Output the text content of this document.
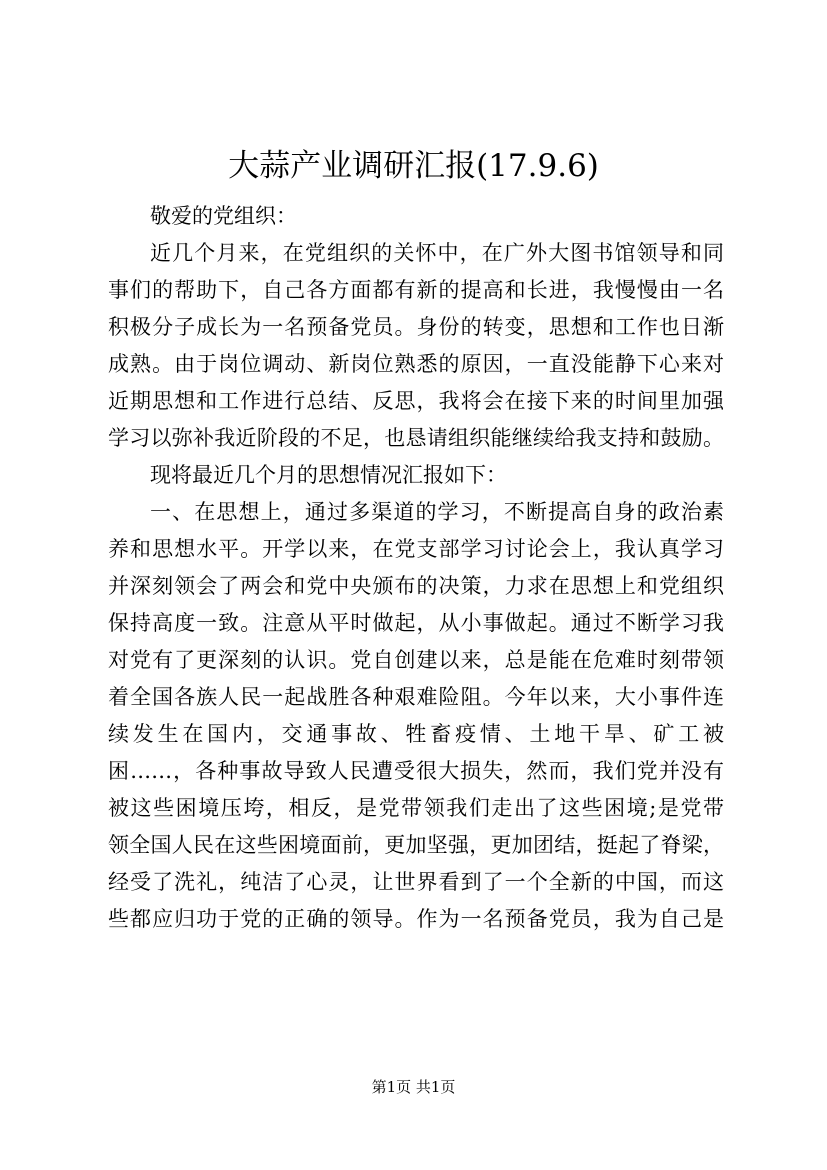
大蒜产业调研汇报(17.9.6)
敬爱的党组织：
近几个月来，在党组织的关怀中，在广外大图书馆领导和同
事们的帮助下，自己各方面都有新的提高和长进，我慢慢由一名
积极分子成长为一名预备党员。身份的转变，思想和工作也日渐
成熟。由于岗位调动、新岗位熟悉的原因，一直没能静下心来对
近期思想和工作进行总结、反思，我将会在接下来的时间里加强
学习以弥补我近阶段的不足，也恳请组织能继续给我支持和鼓励。
现将最近几个月的思想情况汇报如下：
一、在思想上，通过多渠道的学习，不断提高自身的政治素
养和思想水平。开学以来，在党支部学习讨论会上，我认真学习
并深刻领会了两会和党中央颁布的决策，力求在思想上和党组织
保持高度一致。注意从平时做起，从小事做起。通过不断学习我
对党有了更深刻的认识。党自创建以来，总是能在危难时刻带领
着全国各族人民一起战胜各种艰难险阻。今年以来，大小事件连
续发生在国内，交通事故、牲畜疫情、土地干旱、矿工被
困……，各种事故导致人民遭受很大损失，然而，我们党并没有
被这些困境压垮，相反，是党带领我们走出了这些困境;是党带
领全国人民在这些困境面前，更加坚强，更加团结，挺起了脊梁，
经受了洗礼，纯洁了心灵，让世界看到了一个全新的中国，而这
些都应归功于党的正确的领导。作为一名预备党员，我为自己是
第1页 共1页
